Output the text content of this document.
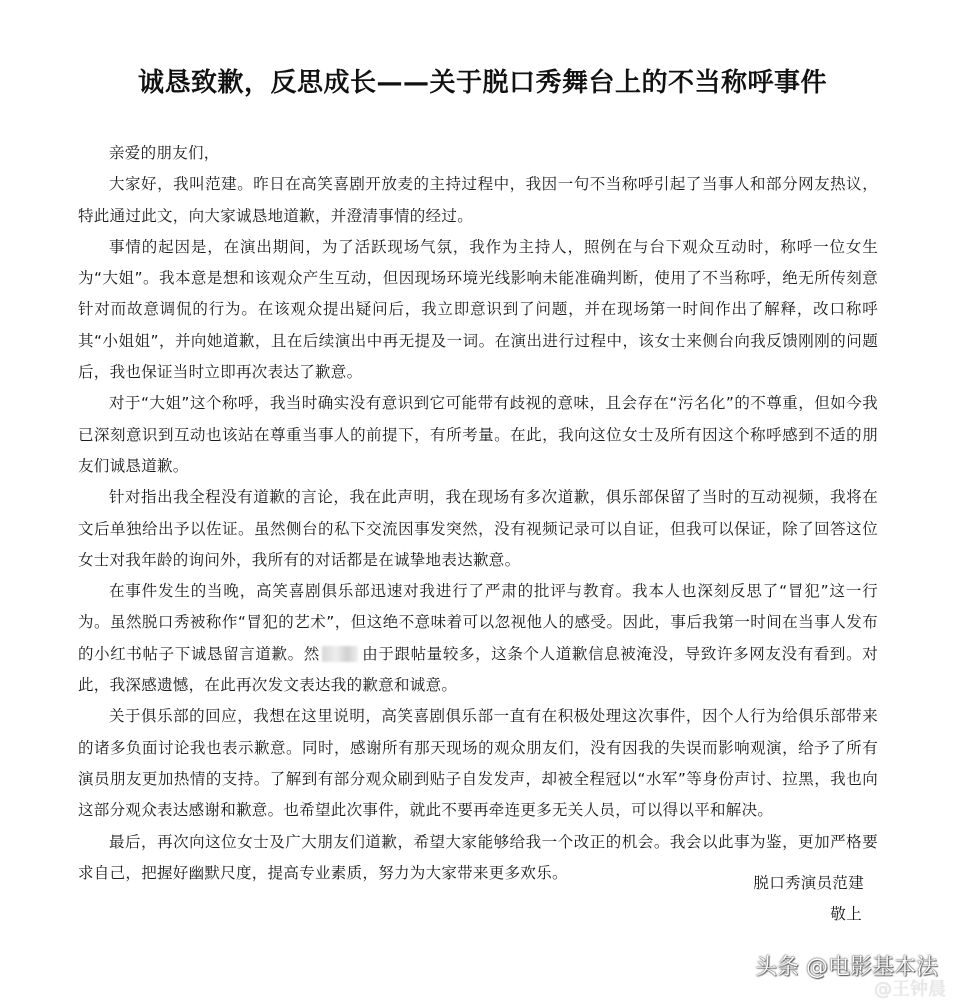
诚恳致歉，反思成长——关于脱口秀舞台上的不当称呼事件

亲爱的朋友们，

大家好，我叫范建。昨日在高笑喜剧开放麦的主持过程中，我因一句不当称呼引起了当事人和部分网友热议，特此通过此文，向大家诚恳地道歉，并澄清事情的经过。

事情的起因是，在演出期间，为了活跃现场气氛，我作为主持人，照例在与台下观众互动时，称呼一位女生为“大姐”。我本意是想和该观众产生互动，但因现场环境光线影响未能准确判断，使用了不当称呼，绝无所传刻意针对而故意调侃的行为。在该观众提出疑问后，我立即意识到了问题，并在现场第一时间作出了解释，改口称呼其“小姐姐”，并向她道歉，且在后续演出中再无提及一词。在演出进行过程中，该女士来侧台向我反馈刚刚的问题后，我也保证当时立即再次表达了歉意。

对于“大姐”这个称呼，我当时确实没有意识到它可能带有歧视的意味，且会存在“污名化”的不尊重，但如今我已深刻意识到互动也该站在尊重当事人的前提下，有所考量。在此，我向这位女士及所有因这个称呼感到不适的朋友们诚恳道歉。

针对指出我全程没有道歉的言论，我在此声明，我在现场有多次道歉，俱乐部保留了当时的互动视频，我将在文后单独给出予以佐证。虽然侧台的私下交流因事发突然，没有视频记录可以自证，但我可以保证，除了回答这位女士对我年龄的询问外，我所有的对话都是在诚挚地表达歉意。

在事件发生的当晚，高笑喜剧俱乐部迅速对我进行了严肃的批评与教育。我本人也深刻反思了“冒犯”这一行为。虽然脱口秀被称作“冒犯的艺术”，但这绝不意味着可以忽视他人的感受。因此，事后我第一时间在当事人发布的小红书帖子下诚恳留言道歉。然	由于跟帖量较多，这条个人道歉信息被淹没，导致许多网友没有看到。对此，我深感遗憾，在此再次发文表达我的歉意和诚意。

关于俱乐部的回应，我想在这里说明，高笑喜剧俱乐部一直有在积极处理这次事件，因个人行为给俱乐部带来的诸多负面讨论我也表示歉意。同时，感谢所有那天现场的观众朋友们，没有因我的失误而影响观演，给予了所有演员朋友更加热情的支持。了解到有部分观众刷到贴子自发发声，却被全程冠以“水军”等身份声讨、拉黑，我也向这部分观众表达感谢和歉意。也希望此次事件，就此不要再牵连更多无关人员，可以得以平和解决。

最后，再次向这位女士及广大朋友们道歉，希望大家能够给我一个改正的机会。我会以此事为鉴，更加严格要求自己，把握好幽默尺度，提高专业素质，努力为大家带来更多欢乐。

脱口秀演员范建
敬上
头条 @电影基本法
@王钟晨
